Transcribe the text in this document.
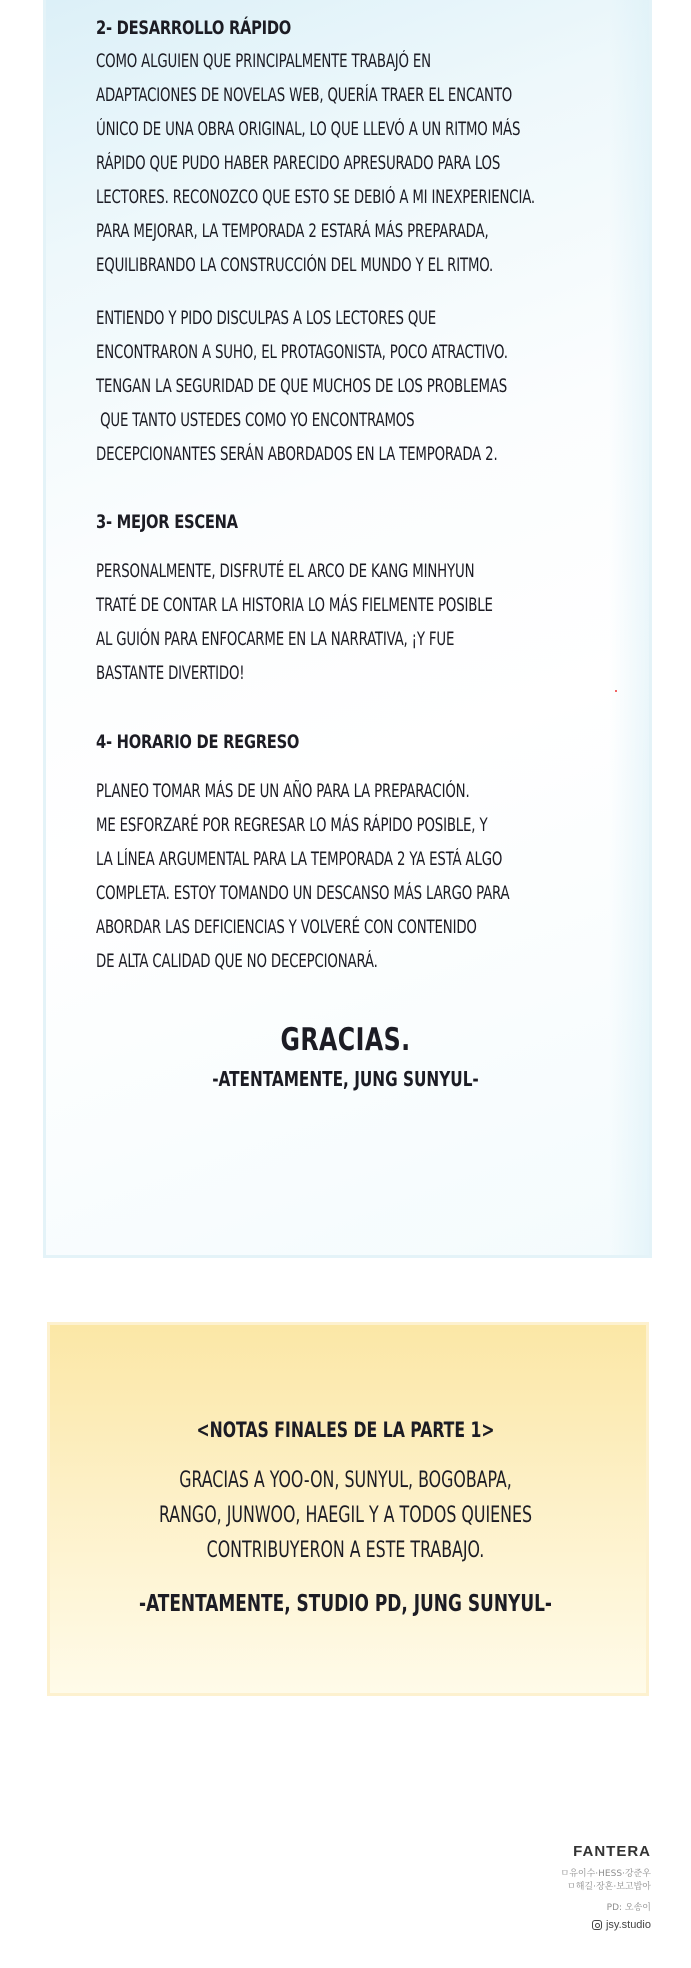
2- DESARROLLO RÁPIDO

COMO ALGUIEN QUE PRINCIPALMENTE TRABAJÓ EN

ADAPTACIONES DE NOVELAS WEB, QUERÍA TRAER EL ENCANTO

ÚNICO DE UNA OBRA ORIGINAL, LO QUE LLEVÓ A UN RITMO MÁS

RÁPIDO QUE PUDO HABER PARECIDO APRESURADO PARA LOS

LECTORES. RECONOZCO QUE ESTO SE DEBIÓ A MI INEXPERIENCIA.

PARA MEJORAR, LA TEMPORADA 2 ESTARÁ MÁS PREPARADA,

EQUILIBRANDO LA CONSTRUCCIÓN DEL MUNDO Y EL RITMO.

ENTIENDO Y PIDO DISCULPAS A LOS LECTORES QUE

ENCONTRARON A SUHO, EL PROTAGONISTA, POCO ATRACTIVO.

TENGAN LA SEGURIDAD DE QUE MUCHOS DE LOS PROBLEMAS

QUE TANTO USTEDES COMO YO ENCONTRAMOS

DECEPCIONANTES SERÁN ABORDADOS EN LA TEMPORADA 2.

3- MEJOR ESCENA

PERSONALMENTE, DISFRUTÉ EL ARCO DE KANG MINHYUN

TRATÉ DE CONTAR LA HISTORIA LO MÁS FIELMENTE POSIBLE

AL GUIÓN PARA ENFOCARME EN LA NARRATIVA, ¡Y FUE

BASTANTE DIVERTIDO!

4- HORARIO DE REGRESO

PLANEO TOMAR MÁS DE UN AÑO PARA LA PREPARACIÓN.

ME ESFORZARÉ POR REGRESAR LO MÁS RÁPIDO POSIBLE, Y

LA LÍNEA ARGUMENTAL PARA LA TEMPORADA 2 YA ESTÁ ALGO

COMPLETA. ESTOY TOMANDO UN DESCANSO MÁS LARGO PARA

ABORDAR LAS DEFICIENCIAS Y VOLVERÉ CON CONTENIDO

DE ALTA CALIDAD QUE NO DECEPCIONARÁ.

GRACIAS.
-ATENTAMENTE, JUNG SUNYUL-
<NOTAS FINALES DE LA PARTE 1>
GRACIAS A YOO-ON, SUNYUL, BOGOBAPA,
RANGO, JUNWOO, HAEGIL Y A TODOS QUIENES
CONTRIBUYERON A ESTE TRABAJO.
-ATENTAMENTE, STUDIO PD, JUNG SUNYUL-
FANTERA
ㅁ유이수·HESS·강준우
ㅁ해길·장혼·보고밥아
PD: 오송이
jsy.studio
